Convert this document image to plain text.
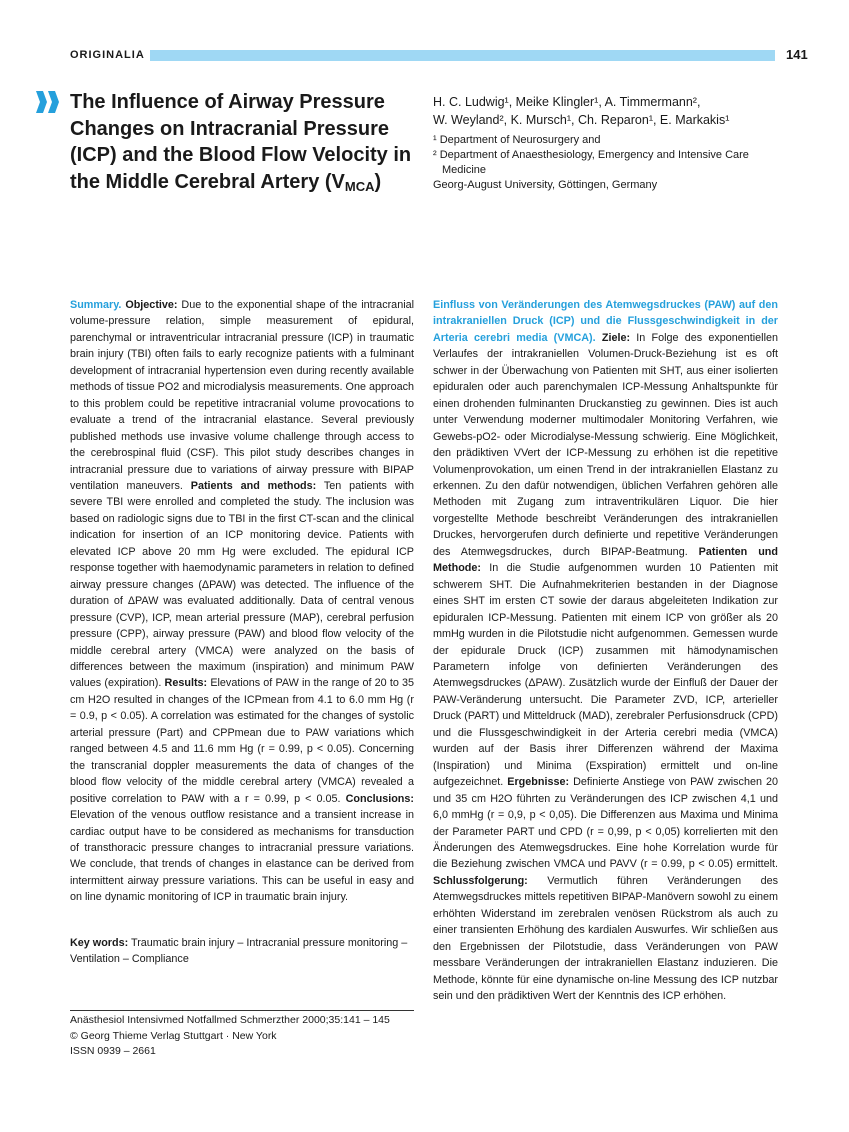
ORIGINALIA	141
The Influence of Airway Pressure Changes on Intracranial Pressure (ICP) and the Blood Flow Velocity in the Middle Cerebral Artery $(V_{MCA})$
H. C. Ludwig¹, Meike Klingler¹, A. Timmermann²,
W. Weyland², K. Mursch¹, Ch. Reparon¹, E. Markakis¹
¹ Department of Neurosurgery and
² Department of Anaesthesiology, Emergency and Intensive Care
Medicine
Georg-August University, Göttingen, Germany
Summary. Objective: Due to the exponential shape of the intracranial volume-pressure relation, simple measurement of epidural, parenchymal or intraventricular intracranial pressure (ICP) in traumatic brain injury (TBI) often fails to early recognize patients with a fulminant development of intracranial hypertension even during recently available methods of tissue PO2 and microdialysis measurements. One approach to this problem could be repetitive intracranial volume provocations to evaluate a trend of the intracranial elastance. Several previously published methods use invasive volume challenge through access to the cerebrospinal fluid (CSF). This pilot study describes changes in intracranial pressure due to variations of airway pressure with BIPAP ventilation maneuvers. Patients and methods: Ten patients with severe TBI were enrolled and completed the study. The inclusion was based on radiologic signs due to TBI in the first CT-scan and the clinical indication for insertion of an ICP monitoring device. Patients with elevated ICP above 20 mm Hg were excluded. The epidural ICP response together with haemodynamic parameters in relation to defined airway pressure changes (ΔPAW) was detected. The influence of the duration of ΔPAW was evaluated additionally. Data of central venous pressure (CVP), ICP, mean arterial pressure (MAP), cerebral perfusion pressure (CPP), airway pressure (PAW) and blood flow velocity of the middle cerebral artery (VMCA) were analyzed on the basis of differences between the maximum (inspiration) and minimum PAW values (expiration). Results: Elevations of PAW in the range of 20 to 35 cm H2O resulted in changes of the ICPmean from 4.1 to 6.0 mm Hg (r = 0.9, p < 0.05). A correlation was estimated for the changes of systolic arterial pressure (Part) and CPPmean due to PAW variations which ranged between 4.5 and 11.6 mm Hg (r = 0.99, p < 0.05). Concerning the transcranial doppler measurements the data of changes of the blood flow velocity of the middle cerebral artery (VMCA) revealed a positive correlation to PAW with a r = 0.99, p < 0.05. Conclusions: Elevation of the venous outflow resistance and a transient increase in cardiac output have to be considered as mechanisms for transduction of transthoracic pressure changes to intracranial pressure variations. We conclude, that trends of changes in elastance can be derived from intermittent airway pressure variations. This can be useful in easy and on line dynamic monitoring of ICP in traumatic brain injury.
Key words: Traumatic brain injury – Intracranial pressure monitoring – Ventilation – Compliance
Anästhesiol Intensivmed Notfallmed Schmerzther 2000;35:141 – 145
© Georg Thieme Verlag Stuttgart · New York
ISSN 0939 – 2661
Einfluss von Veränderungen des Atemwegsdruckes (PAW) auf den intrakraniellen Druck (ICP) und die Flussgeschwindigkeit in der Arteria cerebri media (VMCA). Ziele: In Folge des exponentiellen Verlaufes der intrakraniellen Volumen-Druck-Beziehung ist es oft schwer in der Überwachung von Patienten mit SHT, aus einer isolierten epiduralen oder auch parenchymalen ICP-Messung Anhaltspunkte für einen drohenden fulminanten Druckanstieg zu gewinnen. Dies ist auch unter Verwendung moderner multimodaler Monitoring Verfahren, wie Gewebs-pO2- oder Microdialyse-Messung schwierig. Eine Möglichkeit, den prädiktiven VVert der ICP-Messung zu erhöhen ist die repetitive Volumenprovokation, um einen Trend in der intrakraniellen Elastanz zu erkennen. Zu den dafür notwendigen, üblichen Verfahren gehören alle Methoden mit Zugang zum intraventrikulären Liquor. Die hier vorgestellte Methode beschreibt Veränderungen des intrakraniellen Druckes, hervorgerufen durch definierte und repetitive Veränderungen des Atemwegsdruckes, durch BIPAP-Beatmung. Patienten und Methode: In die Studie aufgenommen wurden 10 Patienten mit schwerem SHT. Die Aufnahmekriterien bestanden in der Diagnose eines SHT im ersten CT sowie der daraus abgeleiteten Indikation zur epiduralen ICP-Messung. Patienten mit einem ICP von größer als 20 mmHg wurden in die Pilotstudie nicht aufgenommen. Gemessen wurde der epidurale Druck (ICP) zusammen mit hämodynamischen Parametern infolge von definierten Veränderungen des Atemwegsdruckes (ΔPAW). Zusätzlich wurde der Einfluß der Dauer der PAW-Veränderung untersucht. Die Parameter ZVD, ICP, arterieller Druck (PART) und Mitteldruck (MAD), zerebraler Perfusionsdruck (CPD) und die Flussgeschwindigkeit in der Arteria cerebri media (VMCA) wurden auf der Basis ihrer Differenzen während der Maxima (Inspiration) und Minima (Exspiration) ermittelt und on-line aufgezeichnet. Ergebnisse: Definierte Anstiege von PAW zwischen 20 und 35 cm H2O führten zu Veränderungen des ICP zwischen 4,1 und 6,0 mmHg (r = 0,9, p < 0,05). Die Differenzen aus Maxima und Minima der Parameter PART und CPD (r = 0,99, p < 0,05) korrelierten mit den Änderungen des Atemwegsdruckes. Eine hohe Korrelation wurde für die Beziehung zwischen VMCA und PAVV (r = 0.99, p < 0.05) ermittelt. Schlussfolgerung: Vermutlich führen Veränderungen des Atemwegsdruckes mittels repetitiven BIPAP-Manövern sowohl zu einem erhöhten Widerstand im zerebralen venösen Rückstrom als auch zu einer transienten Erhöhung des kardialen Auswurfes. Wir schließen aus den Ergebnissen der Pilotstudie, dass Veränderungen von PAW messbare Veränderungen der intrakraniellen Elastanz induzieren. Die Methode, könnte für eine dynamische on-line Messung des ICP nutzbar sein und den prädiktiven Wert der Kenntnis des ICP erhöhen.
